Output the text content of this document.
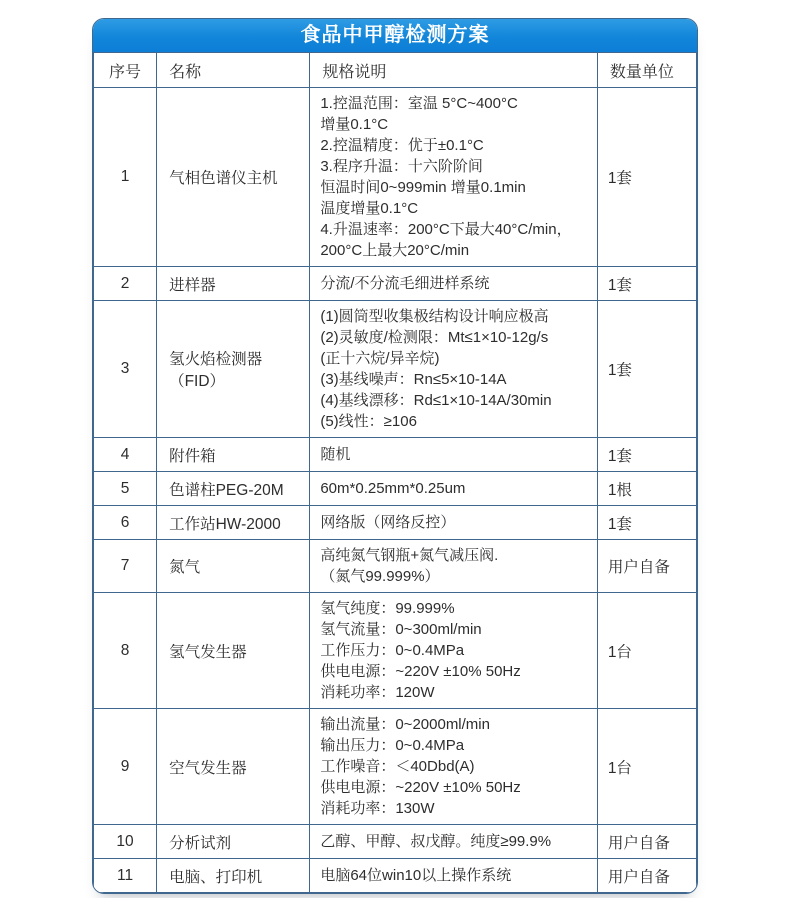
食品中甲醇检测方案
序号	名称	规格说明	数量单位
1	气相色谱仪主机	
1.控温范围：室温 5°C~400°C
增量0.1°C
2.控温精度：优于±0.1°C
3.程序升温：十六阶阶间
恒温时间0~999min 增量0.1min
温度增量0.1°C
4.升温速率：200°C下最大40°C/min，
200°C上最大20°C/min
	1套
2	进样器	分流/不分流毛细进样系统	1套
3	氢火焰检测器（FID）	
(1)圆筒型收集极结构设计响应极高
(2)灵敏度/检测限：Mt≤1×10-12g/s
(正十六烷/异辛烷)
(3)基线噪声：Rn≤5×10-14A
(4)基线漂移：Rd≤1×10-14A/30min
(5)线性：≥106
	1套
4	附件箱	随机	1套
5	色谱柱PEG-20M	60m*0.25mm*0.25um	1根
6	工作站HW-2000	网络版（网络反控）	1套
7	氮气	高纯氮气钢瓶+氮气减压阀.
（氮气99.999%）	用户自备
8	氢气发生器	氢气纯度：99.999%
氢气流量：0~300ml/min
工作压力：0~0.4MPa
供电电源：~220V ±10% 50Hz
消耗功率：120W	1台
9	空气发生器	输出流量：0~2000ml/min
输出压力：0~0.4MPa
工作噪音：＜40Dbd(A)
供电电源：~220V ±10% 50Hz
消耗功率：130W	1台
10	分析试剂	乙醇、甲醇、叔戊醇。纯度≥99.9%	用户自备
11	电脑、打印机	电脑64位win10以上操作系统	用户自备
